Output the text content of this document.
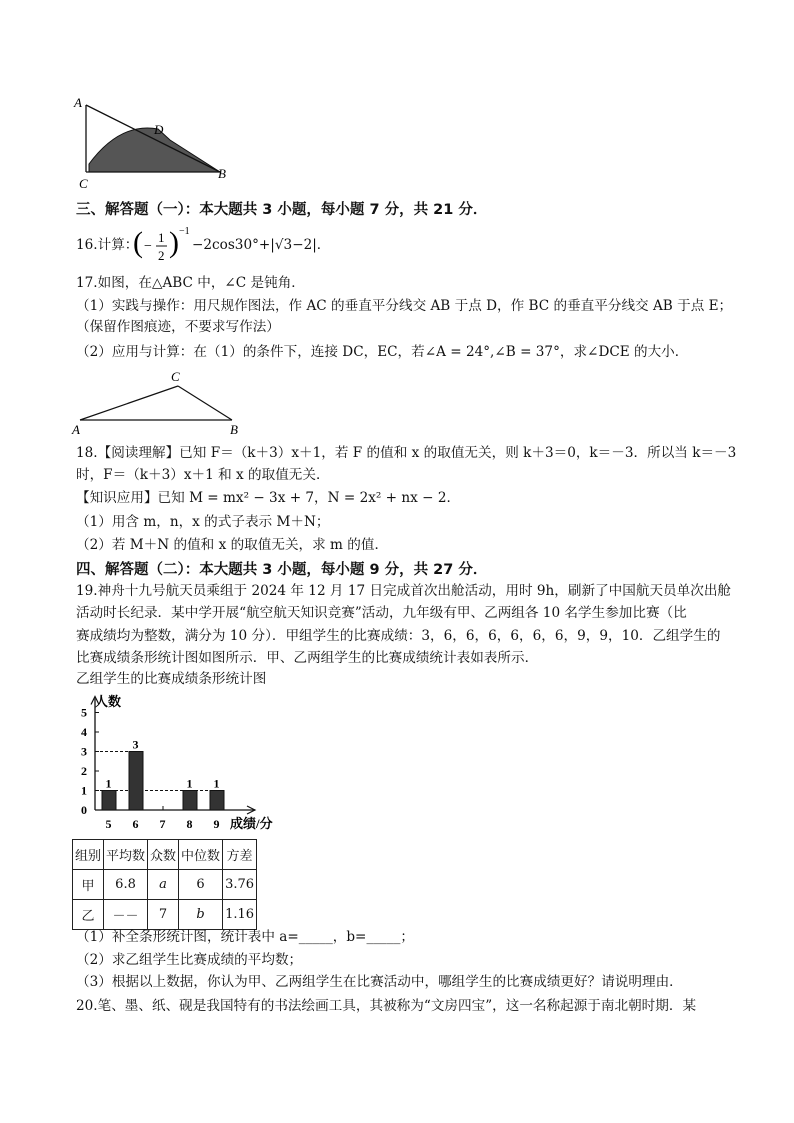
A
D
C
B
三、解答题（一）：本大题共 3 小题，每小题 7 分，共 21 分．
16.计算：
( −
1
2 ) −1
−2cos30°+|√3−2|．
17.如图，在△ABC 中，∠C 是钝角．
（1）实践与操作：用尺规作图法，作 AC 的垂直平分线交 AB 于点 D，作 BC 的垂直平分线交 AB 于点 E；
（保留作图痕迹，不要求写作法）
（2）应用与计算：在（1）的条件下，连接 DC，EC，若∠A = 24°,∠B = 37°，求∠DCE 的大小．
C
A	B
18.【阅读理解】已知 F＝（k＋3）x＋1，若 F 的值和 x 的取值无关，则 k＋3＝0，k＝－3．所以当 k＝－3
时，F＝（k＋3）x＋1 和 x 的取值无关．
【知识应用】已知 M = mx² − 3x + 7，N = 2x² + nx − 2．
（1）用含 m，n，x 的式子表示 M＋N；
（2）若 M＋N 的值和 x 的取值无关，求 m 的值．
四、解答题（二）：本大题共 3 小题，每小题 9 分，共 27 分．
19.神舟十九号航天员乘组于 2024 年 12 月 17 日完成首次出舱活动，用时 9h，刷新了中国航天员单次出舱
活动时长纪录．某中学开展“航空航天知识竞赛”活动，九年级有甲、乙两组各 10 名学生参加比赛（比
赛成绩均为整数，满分为 10 分）．甲组学生的比赛成绩：3，6，6，6，6，6，6，9，9，10．乙组学生的
比赛成绩条形统计图如图所示．甲、乙两组学生的比赛成绩统计表如表所示．
乙组学生的比赛成绩条形统计图
人数
成绩/分
0
1
2
3
4
5
1
5
3
6 7
1
8
1
9
组别	平均数	众数	中位数	方差
甲	6.8	a	6	3.76
乙	－－	7	b	1.16
（1）补全条形统计图，统计表中 a=_____，b=_____；
（2）求乙组学生比赛成绩的平均数；
（3）根据以上数据，你认为甲、乙两组学生在比赛活动中，哪组学生的比赛成绩更好？请说明理由．
20.笔、墨、纸、砚是我国特有的书法绘画工具，其被称为“文房四宝”，这一名称起源于南北朝时期．某
